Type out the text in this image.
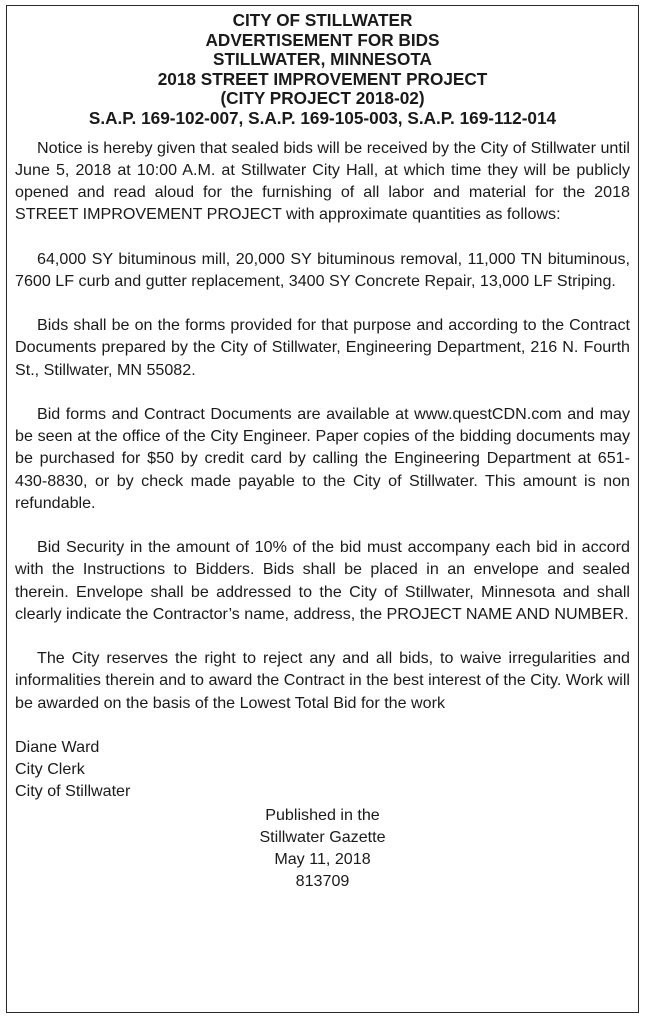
CITY OF STILLWATER
ADVERTISEMENT FOR BIDS
STILLWATER, MINNESOTA
2018 STREET IMPROVEMENT PROJECT
(CITY PROJECT 2018-02)
S.A.P. 169-102-007, S.A.P. 169-105-003, S.A.P. 169-112-014

Notice is hereby given that sealed bids will be received by the City of Stillwater until June 5, 2018 at 10:00 A.M. at Stillwater City Hall, at which time they will be publicly opened and read aloud for the furnishing of all labor and material for the 2018 STREET IMPROVEMENT PROJECT with approximate quantities as follows:

64,000 SY bituminous mill, 20,000 SY bituminous removal, 11,000 TN bituminous, 7600 LF curb and gutter replacement, 3400 SY Concrete Repair, 13,000 LF Striping.

Bids shall be on the forms provided for that purpose and according to the Contract Documents prepared by the City of Stillwater, Engineering Department, 216 N. Fourth St., Stillwater, MN 55082.

Bid forms and Contract Documents are available at www.questCDN.com and may be seen at the office of the City Engineer. Paper copies of the bidding documents may be purchased for $50 by credit card by calling the Engineering Department at 651-430-8830, or by check made payable to the City of Stillwater. This amount is non refundable.

Bid Security in the amount of 10% of the bid must accompany each bid in accord with the Instructions to Bidders. Bids shall be placed in an envelope and sealed therein. Envelope shall be addressed to the City of Stillwater, Minnesota and shall clearly indicate the Contractor’s name, address, the PROJECT NAME AND NUMBER.

The City reserves the right to reject any and all bids, to waive irregularities and informalities therein and to award the Contract in the best interest of the City. Work will be awarded on the basis of the Lowest Total Bid for the work

Diane Ward
City Clerk
City of Stillwater
Published in the
Stillwater Gazette
May 11, 2018
813709
